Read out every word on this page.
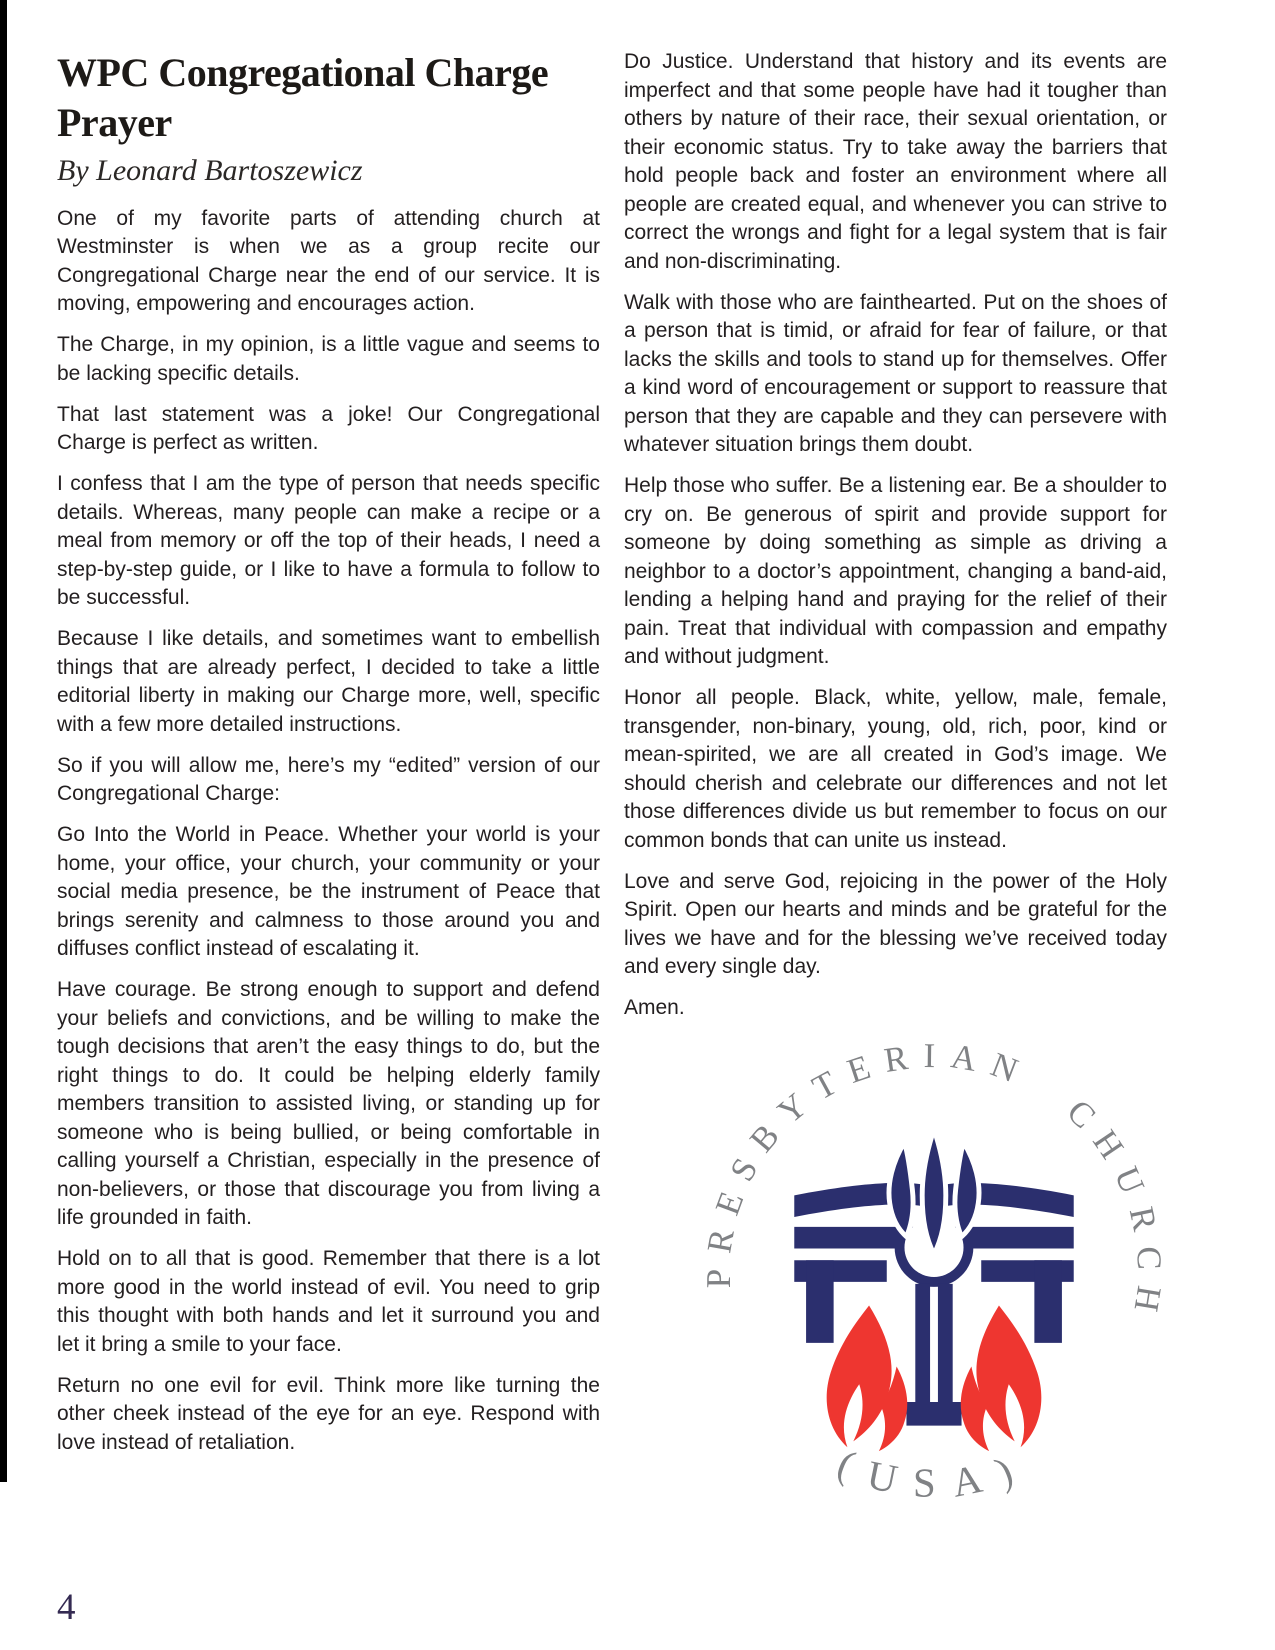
WPC Congregational Charge Prayer
By Leonard Bartoszewicz

One of my favorite parts of attending church at Westminster is when we as a group recite our Congregational Charge near the end of our service. It is moving, empowering and encourages action.

The Charge, in my opinion, is a little vague and seems to be lacking specific details.

That last statement was a joke! Our Congregational Charge is perfect as written.

I confess that I am the type of person that needs specific details. Whereas, many people can make a recipe or a meal from memory or off the top of their heads, I need a step-by-step guide, or I like to have a formula to follow to be successful.

Because I like details, and sometimes want to embellish things that are already perfect, I decided to take a little editorial liberty in making our Charge more, well, specific with a few more detailed instructions.

So if you will allow me, here’s my “edited” version of our Congregational Charge:

Go Into the World in Peace. Whether your world is your home, your office, your church, your community or your social media presence, be the instrument of Peace that brings serenity and calmness to those around you and diffuses conflict instead of escalating it.

Have courage. Be strong enough to support and defend your beliefs and convictions, and be willing to make the tough decisions that aren’t the easy things to do, but the right things to do. It could be helping elderly family members transition to assisted living, or standing up for someone who is being bullied, or being comfortable in calling yourself a Christian, especially in the presence of non-believers, or those that discourage you from living a life grounded in faith.

Hold on to all that is good. Remember that there is a lot more good in the world instead of evil. You need to grip this thought with both hands and let it surround you and let it bring a smile to your face.

Return no one evil for evil. Think more like turning the other cheek instead of the eye for an eye. Respond with love instead of retaliation.

Do Justice. Understand that history and its events are imperfect and that some people have had it tougher than others by nature of their race, their sexual orientation, or their economic status. Try to take away the barriers that hold people back and foster an environment where all people are created equal, and whenever you can strive to correct the wrongs and fight for a legal system that is fair and non-discriminating.

Walk with those who are fainthearted. Put on the shoes of a person that is timid, or afraid for fear of failure, or that lacks the skills and tools to stand up for themselves. Offer a kind word of encouragement or support to reassure that person that they are capable and they can persevere with whatever situation brings them doubt.

Help those who suffer. Be a listening ear. Be a shoulder to cry on. Be generous of spirit and provide support for someone by doing something as simple as driving a neighbor to a doctor’s appointment, changing a band-aid, lending a helping hand and praying for the relief of their pain. Treat that individual with compassion and empathy and without judgment.

Honor all people. Black, white, yellow, male, female, transgender, non-binary, young, old, rich, poor, kind or mean-spirited, we are all created in God’s image. We should cherish and celebrate our differences and not let those differences divide us but remember to focus on our common bonds that can unite us instead.

Love and serve God, rejoicing in the power of the Holy Spirit. Open our hearts and minds and be grateful for the lives we have and for the blessing we’ve received today and every single day.

Amen.

PRESBYTERIAN CHURCH
(USA)
4
